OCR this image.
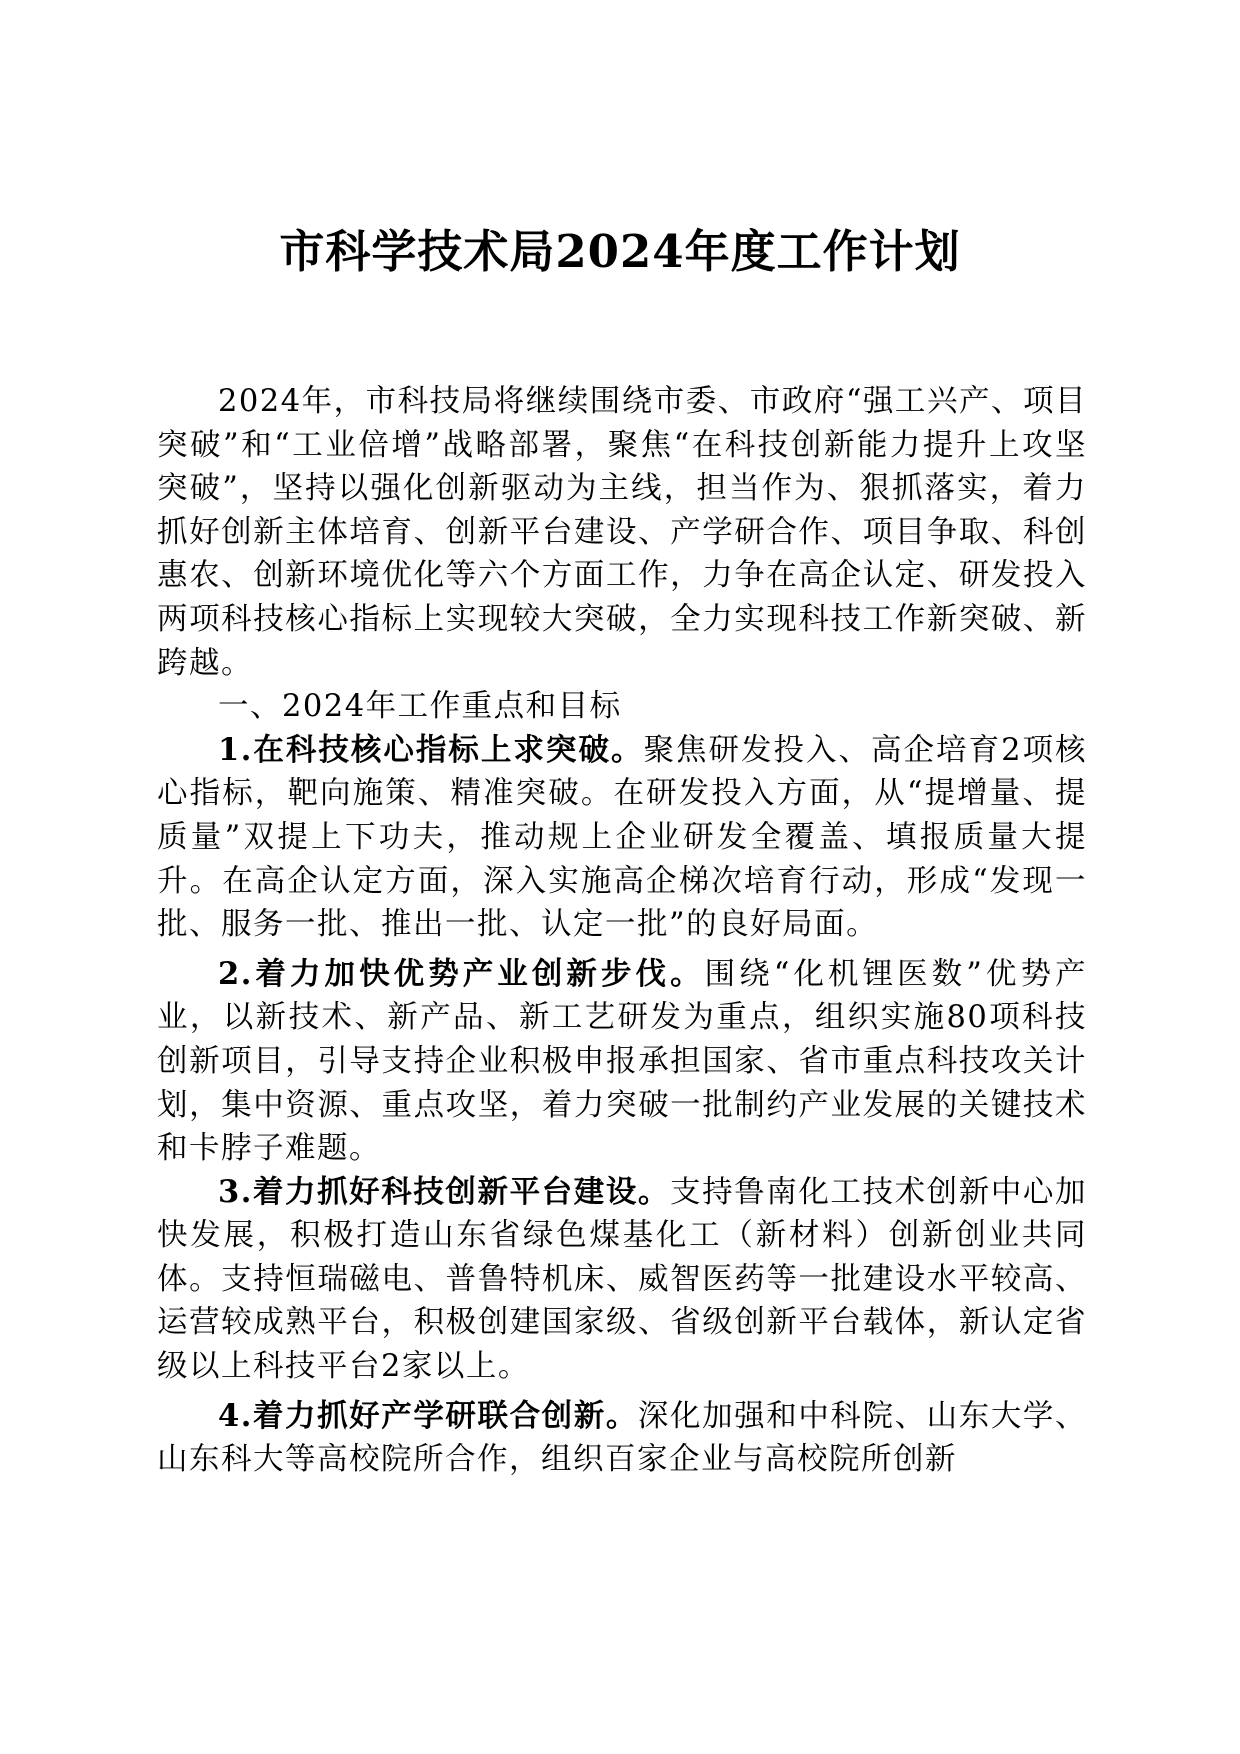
市科学技术局2024年度工作计划

2024年，市科技局将继续围绕市委、市政府“强工兴产、项目突破”和“工业倍增”战略部署，聚焦“在科技创新能力提升上攻坚突破”，坚持以强化创新驱动为主线，担当作为、狠抓落实，着力抓好创新主体培育、创新平台建设、产学研合作、项目争取、科创惠农、创新环境优化等六个方面工作，力争在高企认定、研发投入两项科技核心指标上实现较大突破，全力实现科技工作新突破、新跨越。

一、2024年工作重点和目标

1.在科技核心指标上求突破。聚焦研发投入、高企培育2项核心指标，靶向施策、精准突破。在研发投入方面，从“提增量、提质量”双提上下功夫，推动规上企业研发全覆盖、填报质量大提升。在高企认定方面，深入实施高企梯次培育行动，形成“发现一批、服务一批、推出一批、认定一批”的良好局面。

2.着力加快优势产业创新步伐。围绕“化机锂医数”优势产业，以新技术、新产品、新工艺研发为重点，组织实施80项科技创新项目，引导支持企业积极申报承担国家、省市重点科技攻关计划，集中资源、重点攻坚，着力突破一批制约产业发展的关键技术和卡脖子难题。

3.着力抓好科技创新平台建设。支持鲁南化工技术创新中心加快发展，积极打造山东省绿色煤基化工（新材料）创新创业共同体。支持恒瑞磁电、普鲁特机床、威智医药等一批建设水平较高、运营较成熟平台，积极创建国家级、省级创新平台载体，新认定省级以上科技平台2家以上。

4.着力抓好产学研联合创新。深化加强和中科院、山东大学、山东科大等高校院所合作，组织百家企业与高校院所创新
